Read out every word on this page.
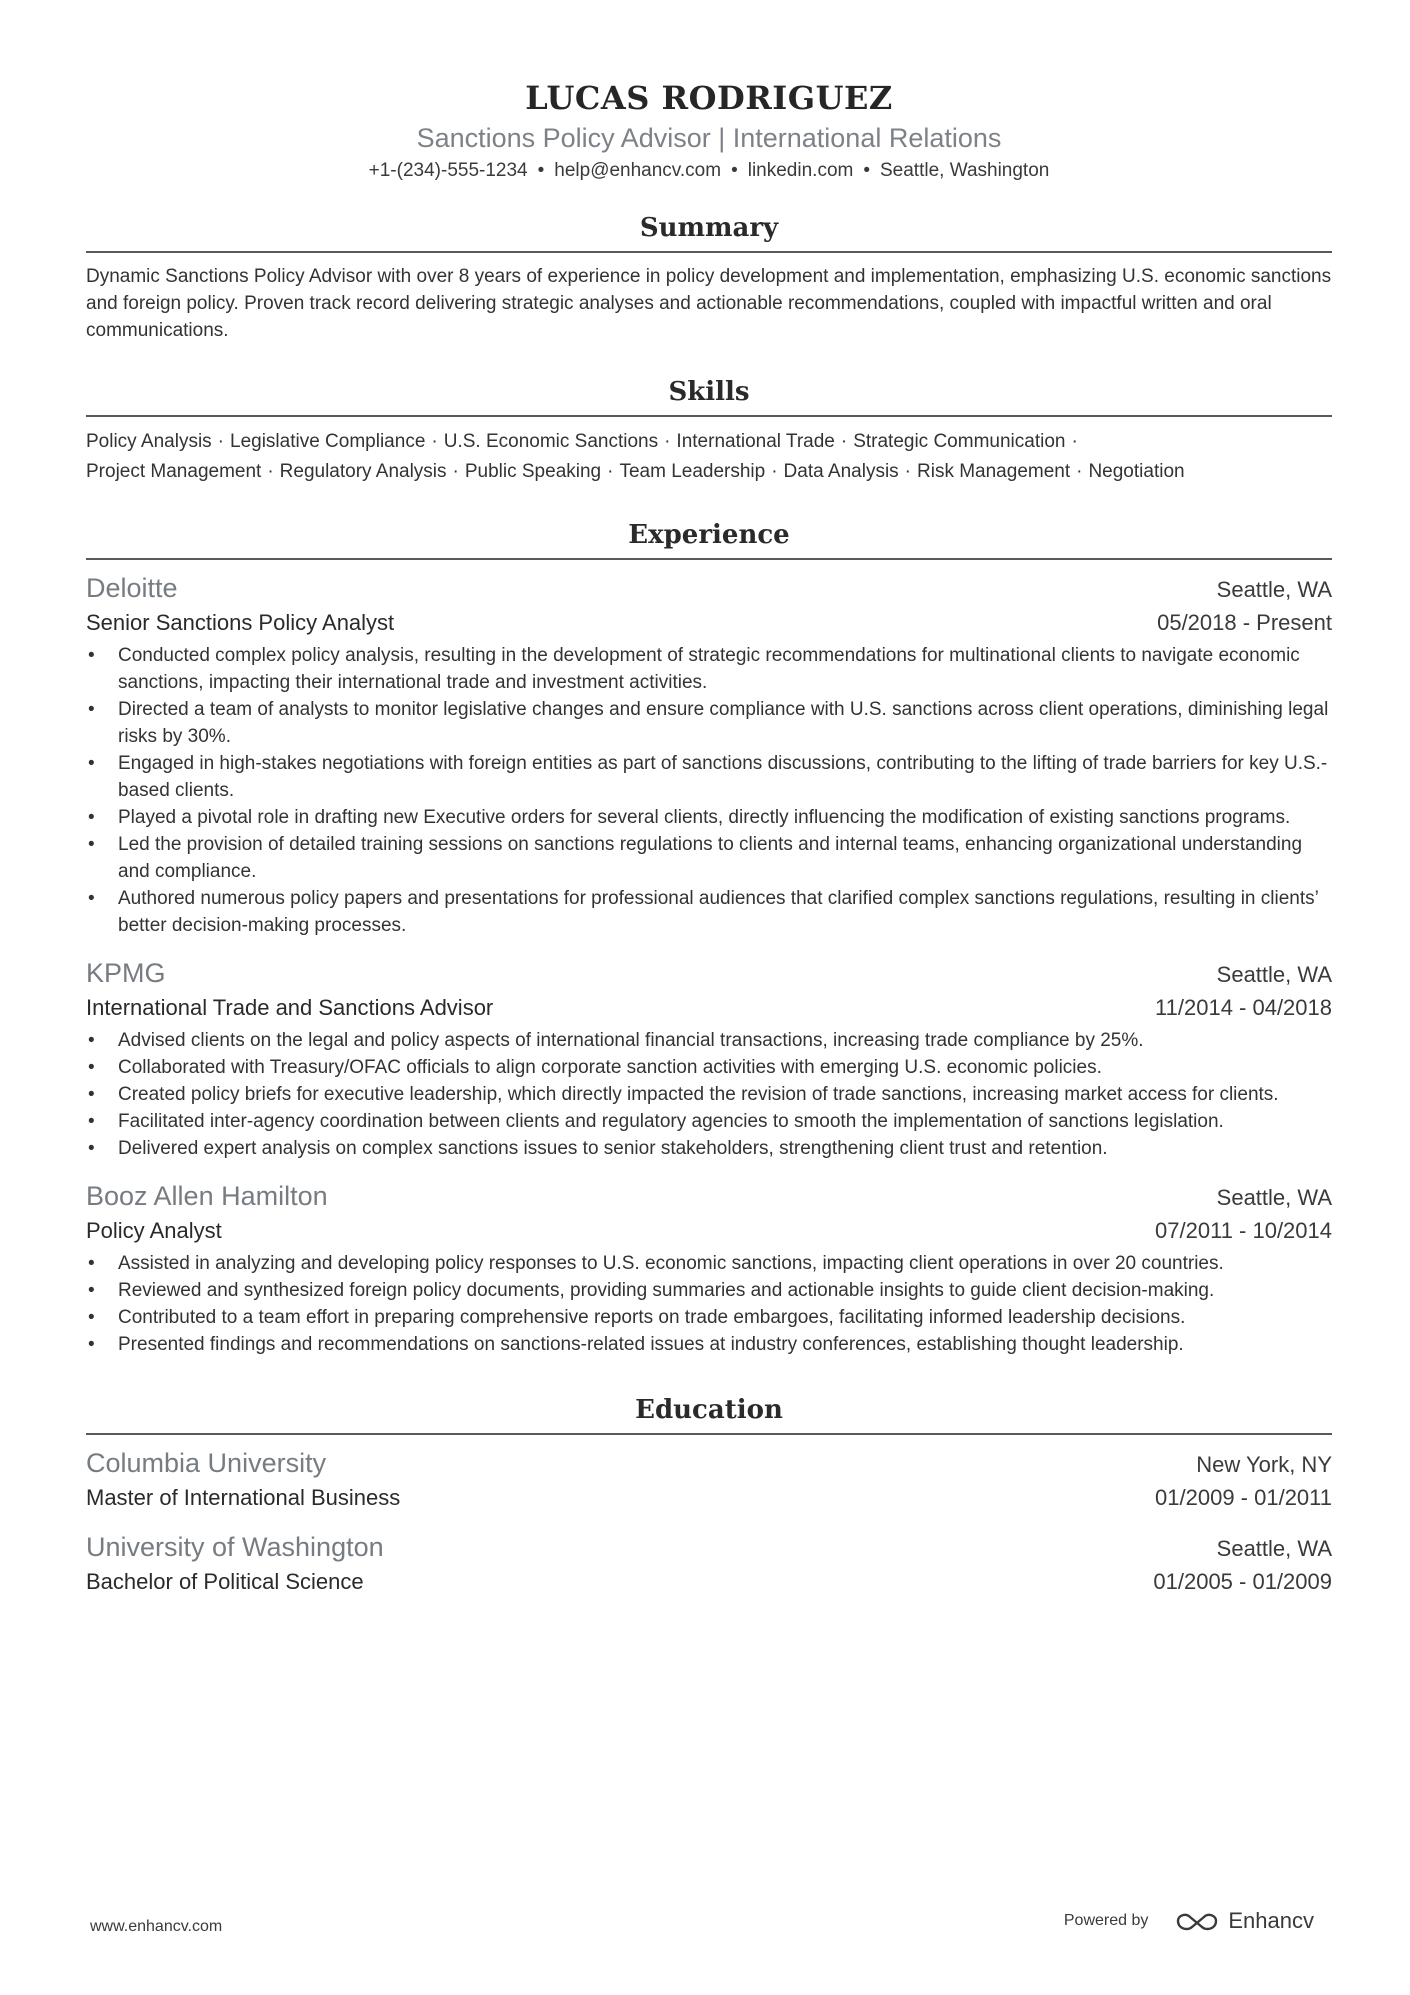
LUCAS RODRIGUEZ
Sanctions Policy Advisor | International Relations
+1-(234)-555-1234 • help@enhancv.com • linkedin.com • Seattle, Washington
Summary
Dynamic Sanctions Policy Advisor with over 8 years of experience in policy development and implementation, emphasizing U.S. economic sanctions and foreign policy. Proven track record delivering strategic analyses and actionable recommendations, coupled with impactful written and oral communications.
Skills
Policy Analysis · Legislative Compliance · U.S. Economic Sanctions · International Trade · Strategic Communication ·
Project Management · Regulatory Analysis · Public Speaking · Team Leadership · Data Analysis · Risk Management · Negotiation
Experience
Deloitte	Seattle, WA
Senior Sanctions Policy Analyst	05/2018 - Present
• Conducted complex policy analysis, resulting in the development of strategic recommendations for multinational clients to navigate economic sanctions, impacting their international trade and investment activities.
• Directed a team of analysts to monitor legislative changes and ensure compliance with U.S. sanctions across client operations, diminishing legal risks by 30%.
• Engaged in high-stakes negotiations with foreign entities as part of sanctions discussions, contributing to the lifting of trade barriers for key U.S.-based clients.
• Played a pivotal role in drafting new Executive orders for several clients, directly influencing the modification of existing sanctions programs.
• Led the provision of detailed training sessions on sanctions regulations to clients and internal teams, enhancing organizational understanding and compliance.
• Authored numerous policy papers and presentations for professional audiences that clarified complex sanctions regulations, resulting in clients’ better decision-making processes.
KPMG	Seattle, WA
International Trade and Sanctions Advisor	11/2014 - 04/2018
• Advised clients on the legal and policy aspects of international financial transactions, increasing trade compliance by 25%.
• Collaborated with Treasury/OFAC officials to align corporate sanction activities with emerging U.S. economic policies.
• Created policy briefs for executive leadership, which directly impacted the revision of trade sanctions, increasing market access for clients.
• Facilitated inter-agency coordination between clients and regulatory agencies to smooth the implementation of sanctions legislation.
• Delivered expert analysis on complex sanctions issues to senior stakeholders, strengthening client trust and retention.
Booz Allen Hamilton	Seattle, WA
Policy Analyst	07/2011 - 10/2014
• Assisted in analyzing and developing policy responses to U.S. economic sanctions, impacting client operations in over 20 countries.
• Reviewed and synthesized foreign policy documents, providing summaries and actionable insights to guide client decision-making.
• Contributed to a team effort in preparing comprehensive reports on trade embargoes, facilitating informed leadership decisions.
• Presented findings and recommendations on sanctions-related issues at industry conferences, establishing thought leadership.
Education
Columbia University	New York, NY
Master of International Business	01/2009 - 01/2011
University of Washington	Seattle, WA
Bachelor of Political Science	01/2005 - 01/2009
www.enhancv.com	Powered by	Enhancv
